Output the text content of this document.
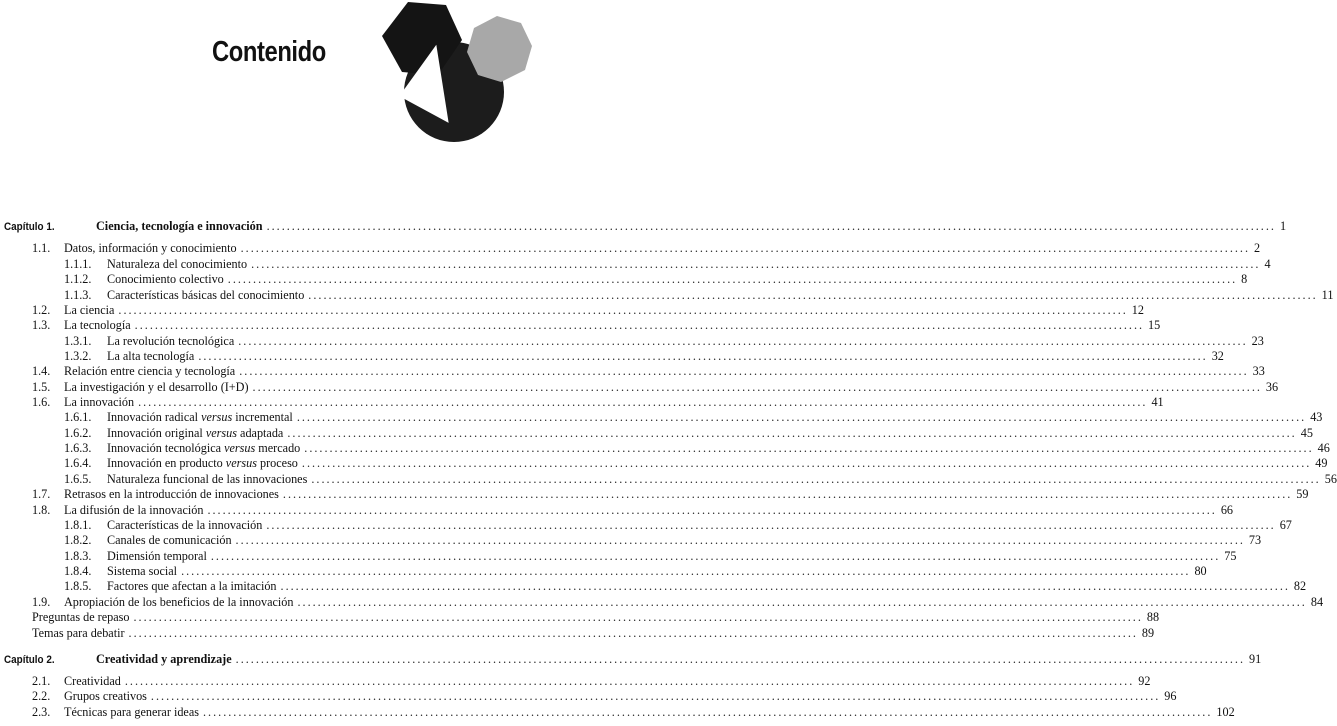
Contenido
Capítulo 1.	Ciencia, tecnología e innovación ........................................................................................................................................................................................................ 1
1.1.	Datos, información y conocimiento ........................................................................................................................................................................................................ 2
1.1.1.	Naturaleza del conocimiento ........................................................................................................................................................................................................ 4
1.1.2.	Conocimiento colectivo ........................................................................................................................................................................................................ 8
1.1.3.	Características básicas del conocimiento ........................................................................................................................................................................................................ 11
1.2.	La ciencia ........................................................................................................................................................................................................ 12
1.3.	La tecnología ........................................................................................................................................................................................................ 15
1.3.1.	La revolución tecnológica ........................................................................................................................................................................................................ 23
1.3.2.	La alta tecnología ........................................................................................................................................................................................................ 32
1.4.	Relación entre ciencia y tecnología ........................................................................................................................................................................................................ 33
1.5.	La investigación y el desarrollo (I+D) ........................................................................................................................................................................................................ 36
1.6.	La innovación ........................................................................................................................................................................................................ 41
1.6.1.	Innovación radical versus incremental ........................................................................................................................................................................................................ 43
1.6.2.	Innovación original versus adaptada ........................................................................................................................................................................................................ 45
1.6.3.	Innovación tecnológica versus mercado ........................................................................................................................................................................................................ 46
1.6.4.	Innovación en producto versus proceso ........................................................................................................................................................................................................ 49
1.6.5.	Naturaleza funcional de las innovaciones ........................................................................................................................................................................................................ 56
1.7.	Retrasos en la introducción de innovaciones ........................................................................................................................................................................................................ 59
1.8.	La difusión de la innovación ........................................................................................................................................................................................................ 66
1.8.1.	Características de la innovación ........................................................................................................................................................................................................ 67
1.8.2.	Canales de comunicación ........................................................................................................................................................................................................ 73
1.8.3.	Dimensión temporal ........................................................................................................................................................................................................ 75
1.8.4.	Sistema social ........................................................................................................................................................................................................ 80
1.8.5.	Factores que afectan a la imitación ........................................................................................................................................................................................................ 82
1.9.	Apropiación de los beneficios de la innovación ........................................................................................................................................................................................................ 84
Preguntas de repaso ........................................................................................................................................................................................................ 88
Temas para debatir ........................................................................................................................................................................................................ 89
Capítulo 2.	Creatividad y aprendizaje ........................................................................................................................................................................................................ 91
2.1.	Creatividad ........................................................................................................................................................................................................ 92
2.2.	Grupos creativos ........................................................................................................................................................................................................ 96
2.3.	Técnicas para generar ideas ........................................................................................................................................................................................................ 102
